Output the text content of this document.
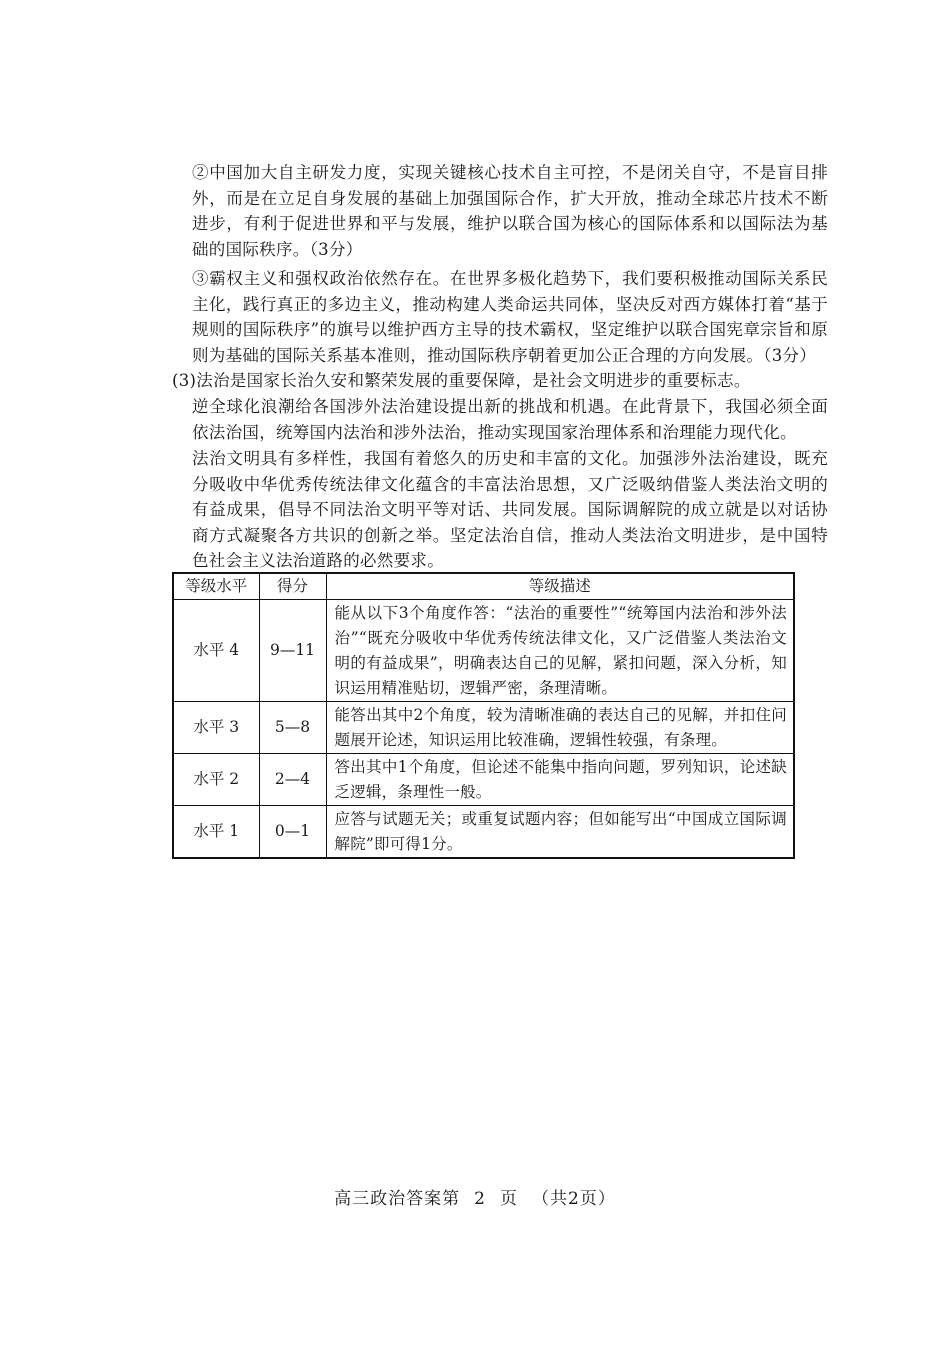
②中国加大自主研发力度，实现关键核心技术自主可控，不是闭关自守，不是盲目排外，而是在立足自身发展的基础上加强国际合作，扩大开放，推动全球芯片技术不断进步，有利于促进世界和平与发展，维护以联合国为核心的国际体系和以国际法为基础的国际秩序。（3分）

③霸权主义和强权政治依然存在。在世界多极化趋势下，我们要积极推动国际关系民主化，践行真正的多边主义，推动构建人类命运共同体，坚决反对西方媒体打着“基于规则的国际秩序”的旗号以维护西方主导的技术霸权，坚定维护以联合国宪章宗旨和原则为基础的国际关系基本准则，推动国际秩序朝着更加公正合理的方向发展。（3分）

(3)法治是国家长治久安和繁荣发展的重要保障，是社会文明进步的重要标志。

逆全球化浪潮给各国涉外法治建设提出新的挑战和机遇。在此背景下，我国必须全面依法治国，统筹国内法治和涉外法治，推动实现国家治理体系和治理能力现代化。

法治文明具有多样性，我国有着悠久的历史和丰富的文化。加强涉外法治建设，既充分吸收中华优秀传统法律文化蕴含的丰富法治思想，又广泛吸纳借鉴人类法治文明的有益成果，倡导不同法治文明平等对话、共同发展。国际调解院的成立就是以对话协商方式凝聚各方共识的创新之举。坚定法治自信，推动人类法治文明进步，是中国特色社会主义法治道路的必然要求。

等级水平	得分	等级描述
水平 4	9—11	能从以下3个角度作答：“法治的重要性”“统筹国内法治和涉外法治”“既充分吸收中华优秀传统法律文化，又广泛借鉴人类法治文明的有益成果”，明确表达自己的见解，紧扣问题，深入分析，知识运用精准贴切，逻辑严密，条理清晰。
水平 3	5—8	能答出其中2个角度，较为清晰准确的表达自己的见解，并扣住问题展开论述，知识运用比较准确，逻辑性较强，有条理。
水平 2	2—4	答出其中1个角度，但论述不能集中指向问题，罗列知识，论述缺乏逻辑，条理性一般。
水平 1	0—1	应答与试题无关；或重复试题内容；但如能写出“中国成立国际调解院”即可得1分。
高三政治答案第 2 页 （共2页）
